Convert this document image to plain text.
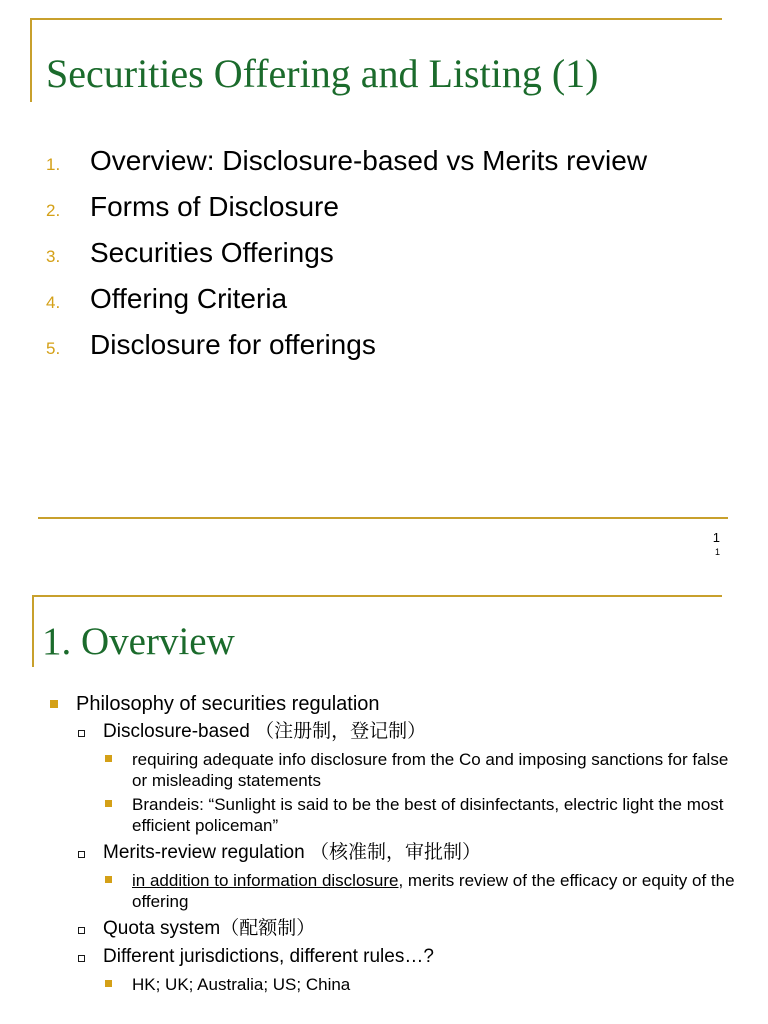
Securities Offering and Listing (1)
1. Overview: Disclosure-based vs Merits review
2. Forms of Disclosure
3. Securities Offerings
4. Offering Criteria
5. Disclosure for offerings
1
1
1. Overview
Philosophy of securities regulation
Disclosure-based （注册制，登记制）
requiring adequate info disclosure from the Co and imposing sanctions for false or misleading statements
Brandeis: “Sunlight is said to be the best of disinfectants, electric light the most efficient policeman”
Merits-review regulation （核准制，审批制）
in addition to information disclosure, merits review of the efficacy or equity of the offering
Quota system（配额制）
Different jurisdictions, different rules…?
HK; UK; Australia; US; China
